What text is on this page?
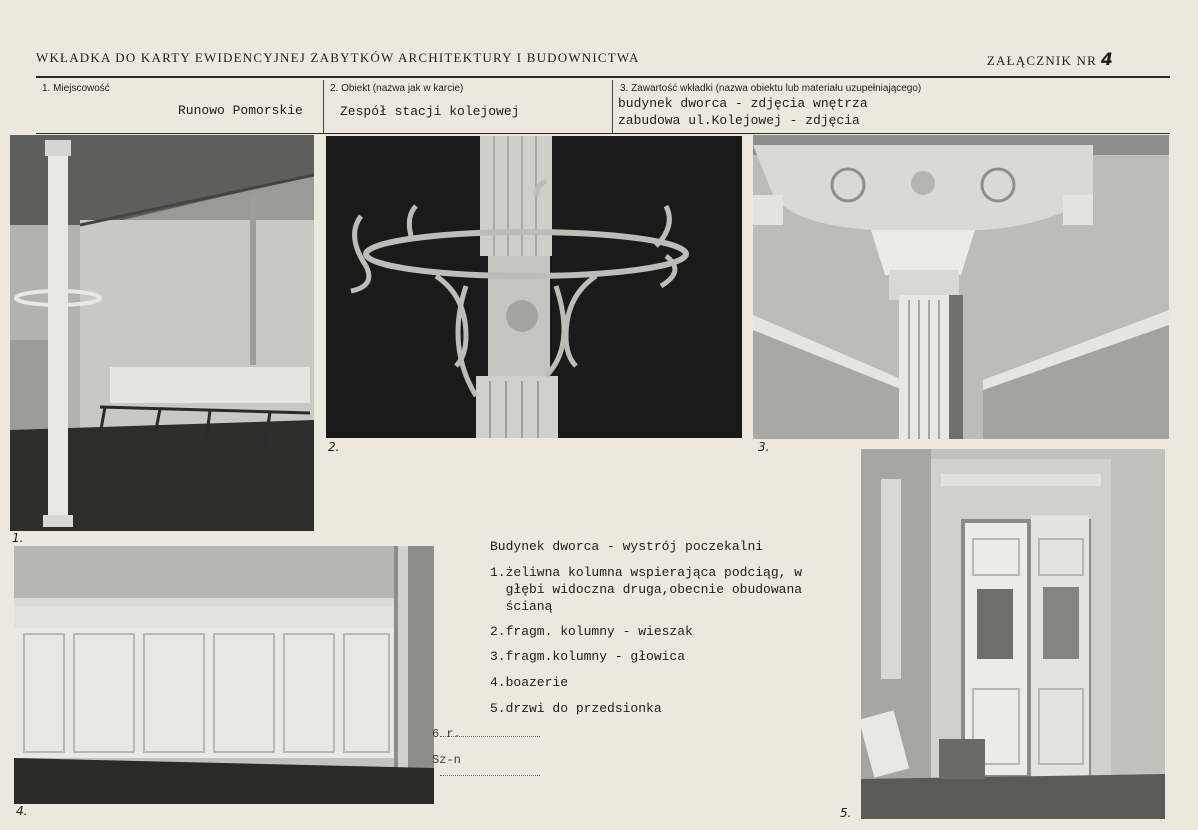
WKŁADKA DO KARTY EWIDENCYJNEJ ZABYTKÓW ARCHITEKTURY I BUDOWNICTWA	ZAŁĄCZNIK NR 4
1. Miejscowość
Runowo Pomorskie
2. Obiekt (nazwa jak w karcie)
Zespół stacji kolejowej
3. Zawartość wkładki (nazwa obiektu lub materiału uzupełniającego)
budynek dworca - zdjęcia wnętrza
zabudowa ul.Kolejowej - zdjęcia
1.
2.	3.
4.	5.
Budynek dworca - wystrój poczekalni
1.żeliwna kolumna wspierająca podciąg, w
głębi widoczna druga,obecnie obudowana
ścianą
2.fragm. kolumny - wieszak
3.fragm.kolumny - głowica
4.boazerie
5.drzwi do przedsionka
6 r.
Sz-n
